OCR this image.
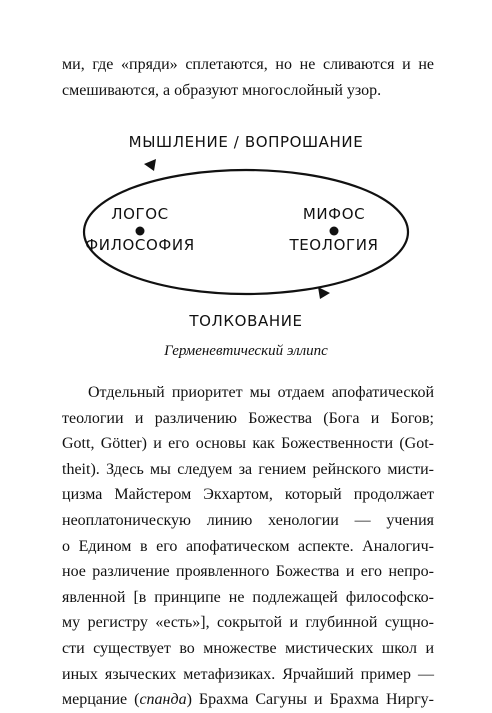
ми, где «пряди» сплетаются, но не сливаются и не
смешиваются, а образуют многослойный узор.

МЫШЛЕНИЕ / ВОПРОШАНИЕ
ЛОГОС
ФИЛОСОФИЯ
МИФОС
ТЕОЛОГИЯ
ТОЛКОВАНИЕ
Герменевтический эллипс

Отдельный приоритет мы отдаем апофатической
теологии и различению Божества (Бога и Богов;
Gott, Götter) и его основы как Божественности (Got-
theit). Здесь мы следуем за гением рейнского мисти-
цизма Майстером Экхартом, который продолжает
неоплатоническую линию хенологии — учения
о Едином в его апофатическом аспекте. Аналогич-
ное различение проявленного Божества и его непро-
явленной [в принципе не подлежащей философско-
му регистру «есть»], сокрытой и глубинной сущно-
сти существует во множестве мистических школ и
иных языческих метафизиках. Ярчайший пример —
мерцание (спанда) Брахма Сагуны и Брахма Ниргу-
